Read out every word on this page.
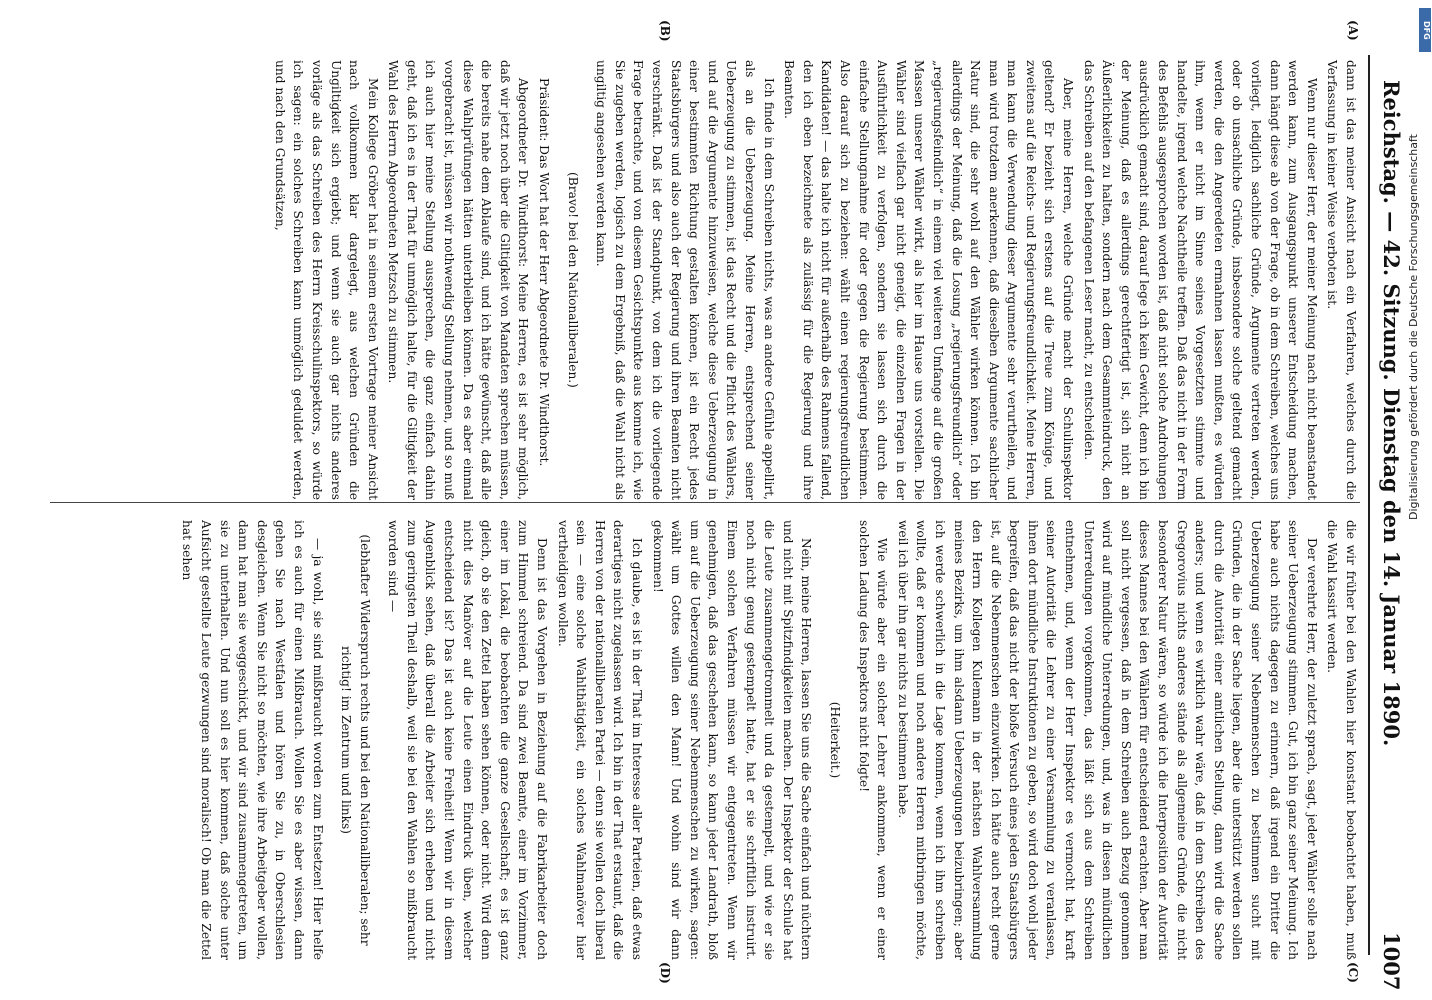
Reichstag. — 42. Sitzung. Dienstag den 14. Januar 1890.
1007
(A)
(B)
(C)
(D)

dann ist das meiner Ansicht nach ein Verfahren, welches durch die Verfassung in keiner Weise verboten ist.

Wenn nur dieser Herr, der meiner Meinung nach nicht beanstandet werden kann, zum Ausgangspunkt unserer Entscheidung machen, dann hängt diese ab von der Frage, ob in dem Schreiben, welches uns vorliegt, lediglich sachliche Gründe, Argumente vertreten werden, oder ob unsachliche Gründe, insbesondere solche geltend gemacht werden, die den Angeredeten ermahnen lassen mußten, es würden ihm, wenn er nicht im Sinne seines Vorgesetzten stimmte und handelte, irgend welche Nachtheile treffen. Daß das nicht in der Form des Befehls ausgesprochen worden ist, daß nicht solche Androhungen ausdrücklich gemacht sind, darauf lege ich kein Gewicht, denn ich bin der Meinung, daß es allerdings gerechtfertigt ist, sich nicht an Äußerlichkeiten zu halten, sondern nach dem Gesammteindruck, den das Schreiben auf den befangenen Leser macht, zu entscheiden.

Aber, meine Herren, welche Gründe macht der Schulinspektor geltend? Er bezieht sich erstens auf die Treue zum Könige, und zweitens auf die Reichs- und Regierungsfreundlichkeit. Meine Herren, man kann die Verwendung dieser Argumente sehr verurtheilen, und man wird trotzdem anerkennen, daß dieselben Argumente sachlicher Natur sind, die sehr wohl auf den Wähler wirken können. Ich bin allerdings der Meinung, daß die Losung „regierungsfreundlich“ oder „regierungsfeindlich“ in einem viel weiteren Umfange auf die großen Massen unserer Wähler wirkt, als hier im Hause uns vorstellen. Die Wähler sind vielfach gar nicht geneigt, die einzelnen Fragen in der Ausführlichkeit zu verfolgen, sondern sie lassen sich durch die einfache Stellungnahme für oder gegen die Regierung bestimmen. Also darauf sich zu beziehen: wählt einen regierungsfreundlichen Kandidaten! — das halte ich nicht für außerhalb des Rahmens fallend, den ich eben bezeichnete als zulässig für die Regierung und ihre Beamten.

Ich finde in dem Schreiben nichts, was an andere Gefühle appellirt, als an die Ueberzeugung. Meine Herren, entsprechend seiner Ueberzeugung zu stimmen, ist das Recht und die Pflicht des Wählers, und auf die Argumente hinzuweisen, welche diese Ueberzeugung in einer bestimmten Richtung gestalten können, ist ein Recht jedes Staatsbürgers und also auch der Regierung und ihren Beamten nicht verschränkt. Daß ist der Standpunkt, von dem ich die vorliegende Frage betrachte, und von diesem Gesichtspunkte aus komme ich, wie Sie zugeben werden, logisch zu dem Ergebniß, daß die Wahl nicht als ungiltig angesehen werden kann.

(Bravo! bei den Nationalliberalen.)

Präsident: Das Wort hat der Herr Abgeordnete Dr. Windthorst.

Abgeordneter Dr. Windthorst: Meine Herren, es ist sehr möglich, daß wir jetzt noch über die Giltigkeit von Mandaten sprechen müssen, die bereits nahe dem Ablaufe sind, und ich hätte gewünscht, daß alle diese Wahlprüfungen hätten unterbleiben können. Da es aber einmal vorgebracht ist, müssen wir nothwendig Stellung nehmen, und so muß ich auch hier meine Stellung aussprechen, die ganz einfach dahin geht, daß ich es in der That für unmöglich halte, für die Giltigkeit der Wahl des Herrn Abgeordneten Metzsch zu stimmen.

Mein Kollege Gröber hat in seinem ersten Vortrage meiner Ansicht nach vollkommen klar dargelegt, aus welchen Gründen die Ungiltigkeit sich ergiebt; und wenn sie auch gar nichts anderes vorläge als das Schreiben des Herrn Kreisschulinspektors, so würde ich sagen: ein solches Schreiben kann unmöglich geduldet werden, und nach den Grundsätzen,

die wir früher bei den Wahlen hier konstant beobachtet haben, muß die Wahl kassirt werden.

Der verehrte Herr, der zuletzt sprach, sagt, jeder Wähler solle nach seiner Ueberzeugung stimmen. Gut, ich bin ganz seiner Meinung. Ich habe auch nichts dagegen zu erinnern, daß irgend ein Dritter die Ueberzeugung seiner Nebenmenschen zu bestimmen sucht mit Gründen, die in der Sache liegen, aber die unterstützt werden sollen durch die Autorität einer amtlichen Stellung, dann wird die Sache anders; und wenn es wirklich wahr wäre, daß in dem Schreiben des Gregorovius nichts anderes stände als allgemeine Gründe, die nicht besonderer Natur wären, so würde ich die Interposition der Autorität dieses Mannes bei den Wählern für entscheidend erachten. Aber man soll nicht vergessen, daß in dem Schreiben auch Bezug genommen wird auf mündliche Unterredungen, und, was in diesen mündlichen Unterredungen vorgekommen, das läßt sich aus dem Schreiben entnehmen, und, wenn der Herr Inspektor es vermocht hat, kraft seiner Autorität die Lehrer zu einer Versammlung zu veranlassen, ihnen dort mündliche Instruktionen zu geben, so wird doch wohl jeder begreifen, daß das nicht der bloße Versuch eines jeden Staatsbürgers ist, auf die Nebenmenschen einzuwirken. Ich hätte auch recht gerne den Herrn Kollegen Kulemann in der nächsten Wahlversammlung meines Bezirks, um ihm alsdann Ueberzeugungen beizubringen; aber ich werde schwerlich in die Lage kommen, wenn ich ihm schreiben wollte, daß er kommen und noch andere Herren mitbringen möchte, weil ich über ihn gar nichts zu bestimmen habe.

Wie würde aber ein solcher Lehrer ankommen, wenn er einer solchen Ladung des Inspektors nicht folgte!

(Heiterkeit.)

Nein, meine Herren, lassen Sie uns die Sache einfach und nüchtern und nicht mit Spitzfindigkeiten machen. Der Inspektor der Schule hat die Leute zusammengetrommelt und da gestempelt, und wie er sie noch nicht genug gestempelt hatte, hat er sie schriftlich instruirt. Einem solchen Verfahren müssen wir entgegentreten. Wenn wir genehmigen, daß das geschehen kann, so kann jeder Landrath, bloß um auf die Ueberzeugung seiner Nebenmenschen zu wirken, sagen: wählt um Gottes willen den Mann! Und wohin sind wir dann gekommen!

Ich glaube, es ist in der That im Interesse aller Parteien, daß etwas derartiges nicht zugelassen wird. Ich bin in der That erstaunt, daß die Herren von der nationalliberalen Partei — denn sie wollen doch liberal sein — eine solche Wahlthätigkeit, ein solches Wahlmanöver hier vertheidigen wollen.

Denn ist das Vorgehen in Beziehung auf die Fabrikarbeiter doch zum Himmel schreiend. Da sind zwei Beamte, einer im Vorzimmer, einer im Lokal, die beobachten die ganze Gesellschaft; es ist ganz gleich, ob sie den Zettel haben sehen können, oder nicht. Wird denn nicht dies Manöver auf die Leute einen Eindruck üben, welcher entscheidend ist? Das ist auch keine Freiheit! Wenn wir in diesem Augenblick sehen, daß überall die Arbeiter sich erheben und nicht zum geringsten Theil deshalb, weil sie bei den Wahlen so mißbraucht worden sind —

(lebhafter Widerspruch rechts und bei den Nationalliberalen; sehr richtig! im Zentrum und links)

— ja wohl, sie sind mißbraucht worden zum Entsetzen! Hier helfe ich es auch für einen Mißbrauch. Wollen Sie es aber wissen, dann gehen Sie nach Westfalen und hören Sie zu, in Oberschlesien desgleichen. Wenn Sie nicht so möchten, wie ihre Arbeitgeber wollen, dann hat man sie weggeschickt, und wir sind zusammengetreten, um sie zu unterhalten. Und nun soll es hier kommen, daß solche unter Aufsicht gestellte Leute gezwungen sind moralisch! Ob man die Zettel hat sehen

DFG
Digitalisierung gefördert durch die Deutsche Forschungsgemeinschaft
